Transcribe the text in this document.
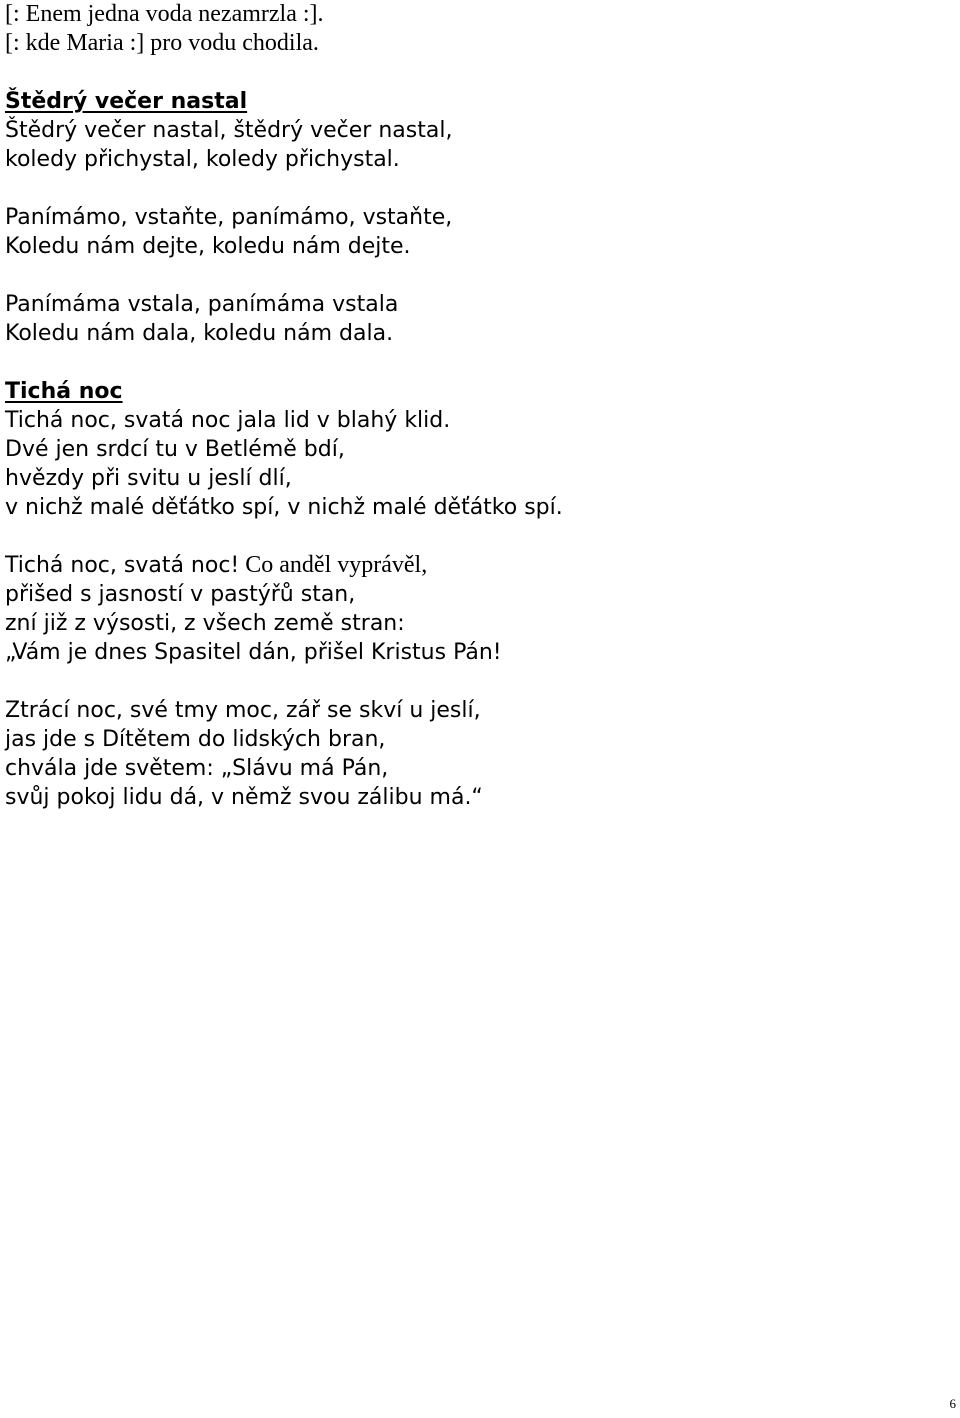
[: Enem jedna voda nezamrzla :].
[: kde Maria :] pro vodu chodila.
Štědrý večer nastal
Štědrý večer nastal, štědrý večer nastal,
koledy přichystal, koledy přichystal.
Panímámo, vstaňte, panímámo, vstaňte,
Koledu nám dejte, koledu nám dejte.
Panímáma vstala, panímáma vstala
Koledu nám dala, koledu nám dala.
Tichá noc
Tichá noc, svatá noc jala lid v blahý klid.
Dvé jen srdcí tu v Betlémě bdí,
hvězdy při svitu u jeslí dlí,
v nichž malé děťátko spí, v nichž malé děťátko spí.
Tichá noc, svatá noc! Co anděl vyprávěl,
přišed s jasností v pastýřů stan,
zní již z výsosti, z všech země stran:
„Vám je dnes Spasitel dán, přišel Kristus Pán!
Ztrácí noc, své tmy moc, zář se skví u jeslí,
jas jde s Dítětem do lidských bran,
chvála jde světem: „Slávu má Pán,
svůj pokoj lidu dá, v němž svou zálibu má.“
6
